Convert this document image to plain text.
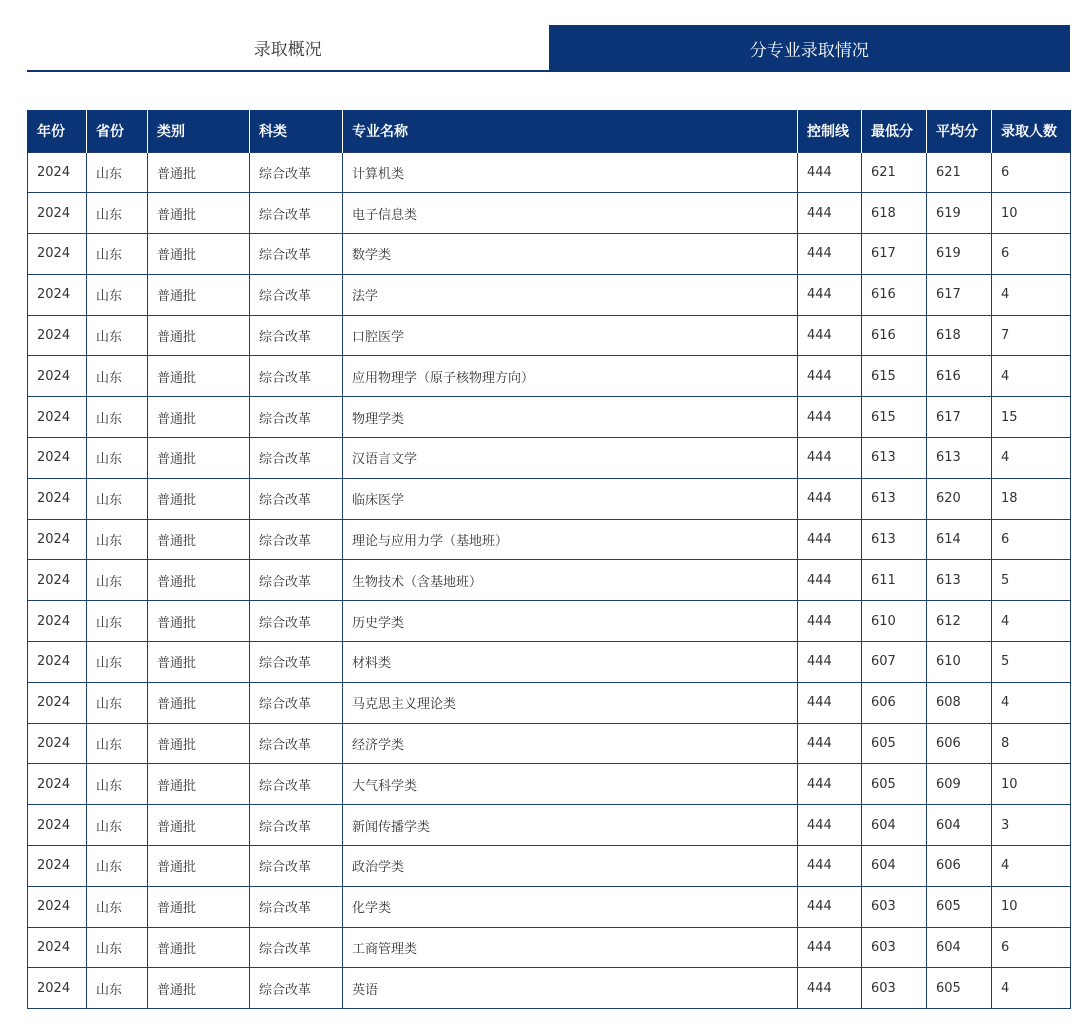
录取概况	分专业录取情况
年份	省份	类别	科类	专业名称	控制线	最低分	平均分	录取人数
2024	山东	普通批	综合改革	计算机类	444	621	621	6
2024	山东	普通批	综合改革	电子信息类	444	618	619	10
2024	山东	普通批	综合改革	数学类	444	617	619	6
2024	山东	普通批	综合改革	法学	444	616	617	4
2024	山东	普通批	综合改革	口腔医学	444	616	618	7
2024	山东	普通批	综合改革	应用物理学（原子核物理方向）	444	615	616	4
2024	山东	普通批	综合改革	物理学类	444	615	617	15
2024	山东	普通批	综合改革	汉语言文学	444	613	613	4
2024	山东	普通批	综合改革	临床医学	444	613	620	18
2024	山东	普通批	综合改革	理论与应用力学（基地班）	444	613	614	6
2024	山东	普通批	综合改革	生物技术（含基地班）	444	611	613	5
2024	山东	普通批	综合改革	历史学类	444	610	612	4
2024	山东	普通批	综合改革	材料类	444	607	610	5
2024	山东	普通批	综合改革	马克思主义理论类	444	606	608	4
2024	山东	普通批	综合改革	经济学类	444	605	606	8
2024	山东	普通批	综合改革	大气科学类	444	605	609	10
2024	山东	普通批	综合改革	新闻传播学类	444	604	604	3
2024	山东	普通批	综合改革	政治学类	444	604	606	4
2024	山东	普通批	综合改革	化学类	444	603	605	10
2024	山东	普通批	综合改革	工商管理类	444	603	604	6
2024	山东	普通批	综合改革	英语	444	603	605	4
